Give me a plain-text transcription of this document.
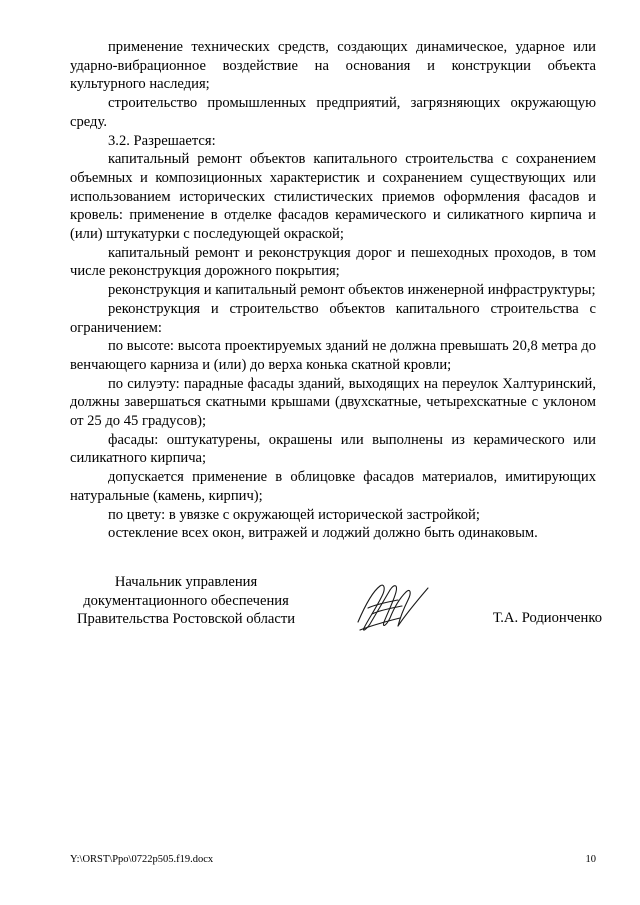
применение технических средств, создающих динамическое, ударное или ударно-вибрационное воздействие на основания и конструкции объекта культурного наследия;

строительство промышленных предприятий, загрязняющих окружающую среду.

3.2. Разрешается:

капитальный ремонт объектов капитального строительства с сохранением объемных и композиционных характеристик и сохранением существующих или использованием исторических стилистических приемов оформления фасадов и кровель: применение в отделке фасадов керамического и силикатного кирпича и (или) штукатурки с последующей окраской;

капитальный ремонт и реконструкция дорог и пешеходных проходов, в том числе реконструкция дорожного покрытия;

реконструкция и капитальный ремонт объектов инженерной инфраструктуры;

реконструкция и строительство объектов капитального строительства с ограничением:

по высоте: высота проектируемых зданий не должна превышать 20,8 метра до венчающего карниза и (или) до верха конька скатной кровли;

по силуэту: парадные фасады зданий, выходящих на переулок Халтуринский, должны завершаться скатными крышами (двухскатные, четырехскатные с уклоном от 25 до 45 градусов);

фасады: оштукатурены, окрашены или выполнены из керамического или силикатного кирпича;

допускается применение в облицовке фасадов материалов, имитирующих натуральные (камень, кирпич);

по цвету: в увязке с окружающей исторической застройкой;

остекление всех окон, витражей и лоджий должно быть одинаковым.

Начальник управления
документационного обеспечения
Правительства Ростовской области	Т.А. Родионченко
Y:\ORST\Ppo\0722p505.f19.docx	10
